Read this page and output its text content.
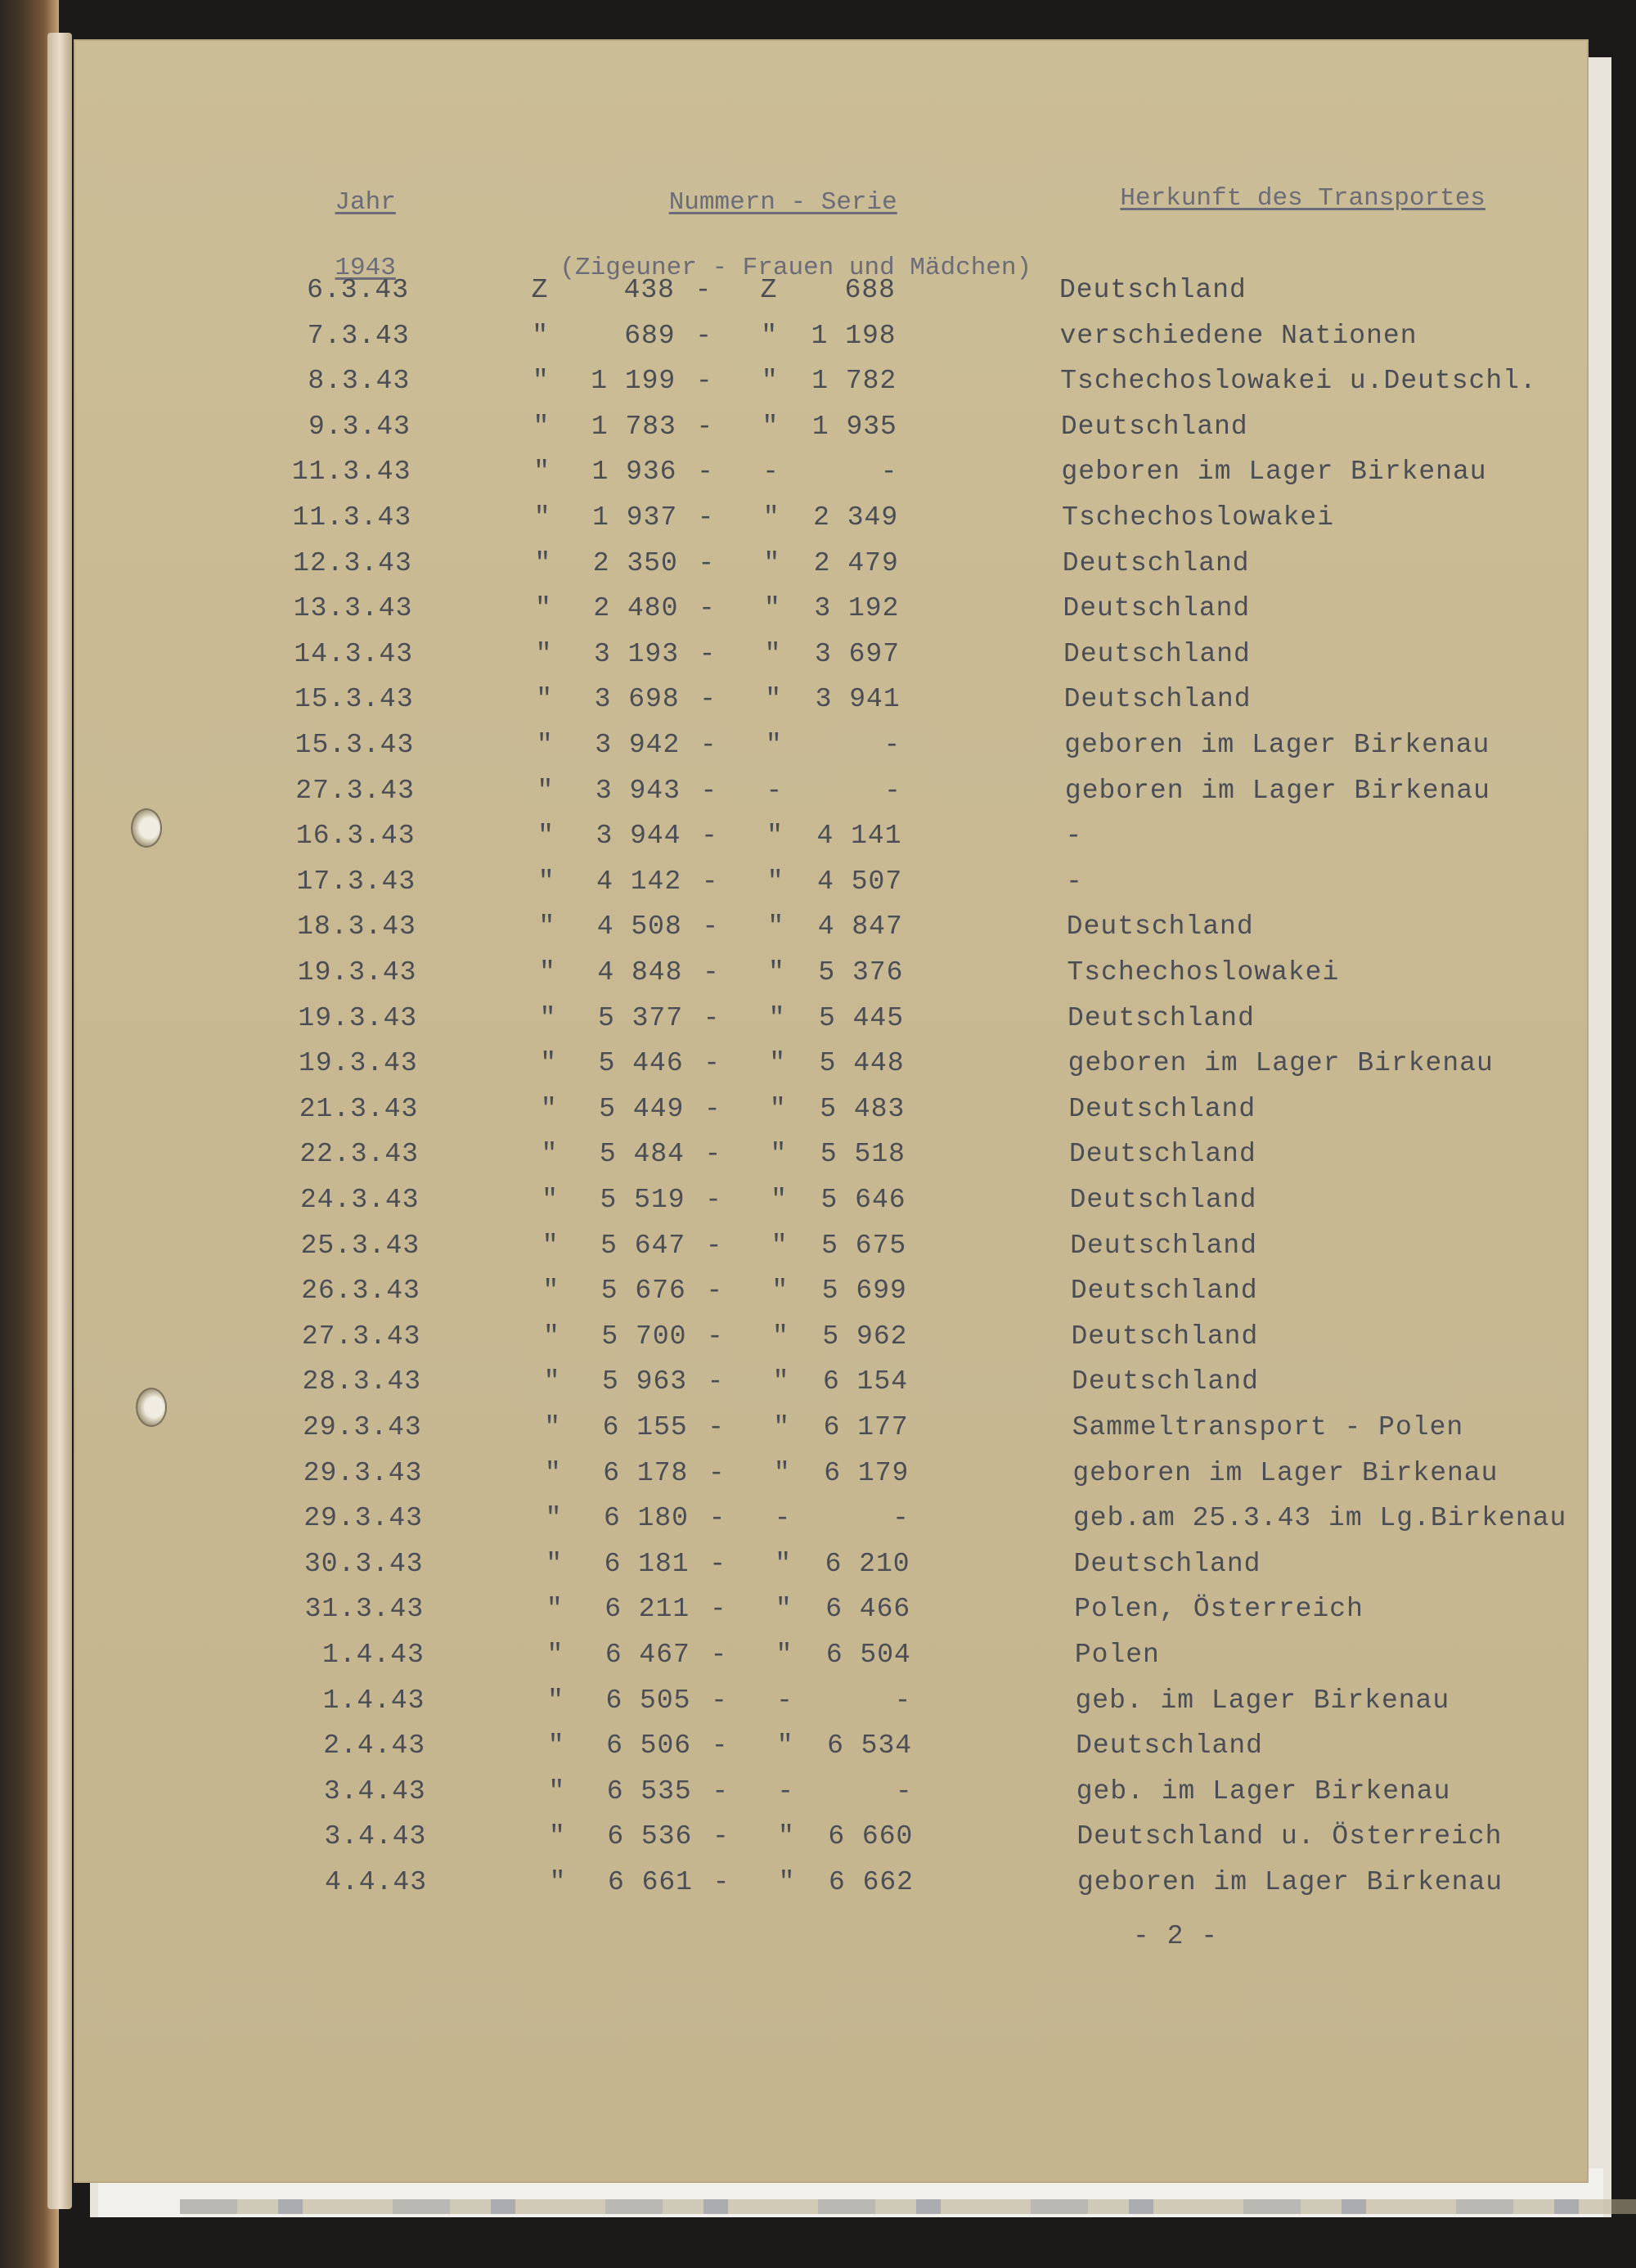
Jahr

1943

Nummern - Serie

(Zigeuner - Frauen und Mädchen)

Herkunft des Transportes

6.3.43	Z	438 - Z	688	Deutschland
7.3.43	"	689 - "	1 198	verschiedene Nationen
8.3.43	"	1 199 - "	1 782	Tschechoslowakei u.Deutschl.
9.3.43	"	1 783 - "	1 935	Deutschland
11.3.43	"	1 936 - -	-	geboren im Lager Birkenau
11.3.43	"	1 937 - "	2 349	Tschechoslowakei
12.3.43	"	2 350 - "	2 479	Deutschland
13.3.43	"	2 480 - "	3 192	Deutschland
14.3.43	"	3 193 - "	3 697	Deutschland
15.3.43	"	3 698 - "	3 941	Deutschland
15.3.43	"	3 942 - "	-	geboren im Lager Birkenau
27.3.43	"	3 943 - -	-	geboren im Lager Birkenau
16.3.43	"	3 944 - "	4 141	-
17.3.43	"	4 142 - "	4 507	-
18.3.43	"	4 508 - "	4 847	Deutschland
19.3.43	"	4 848 - "	5 376	Tschechoslowakei
19.3.43	"	5 377 - "	5 445	Deutschland
19.3.43	"	5 446 - "	5 448	geboren im Lager Birkenau
21.3.43	"	5 449 - "	5 483	Deutschland
22.3.43	"	5 484 - "	5 518	Deutschland
24.3.43	"	5 519 - "	5 646	Deutschland
25.3.43	"	5 647 - "	5 675	Deutschland
26.3.43	"	5 676 - "	5 699	Deutschland
27.3.43	"	5 700 - "	5 962	Deutschland
28.3.43	"	5 963 - "	6 154	Deutschland
29.3.43	"	6 155 - "	6 177	Sammeltransport - Polen
29.3.43	"	6 178 - "	6 179	geboren im Lager Birkenau
29.3.43	"	6 180 - -	-	geb.am 25.3.43 im Lg.Birkenau
30.3.43	"	6 181 - "	6 210	Deutschland
31.3.43	"	6 211 - "	6 466	Polen, Österreich
1.4.43	"	6 467 - "	6 504	Polen
1.4.43	"	6 505 - -	-	geb. im Lager Birkenau
2.4.43	"	6 506 - "	6 534	Deutschland
3.4.43	"	6 535 - -	-	geb. im Lager Birkenau
3.4.43	"	6 536 - "	6 660	Deutschland u. Österreich
4.4.43	"	6 661 - "	6 662	geboren im Lager Birkenau
- 2 -
